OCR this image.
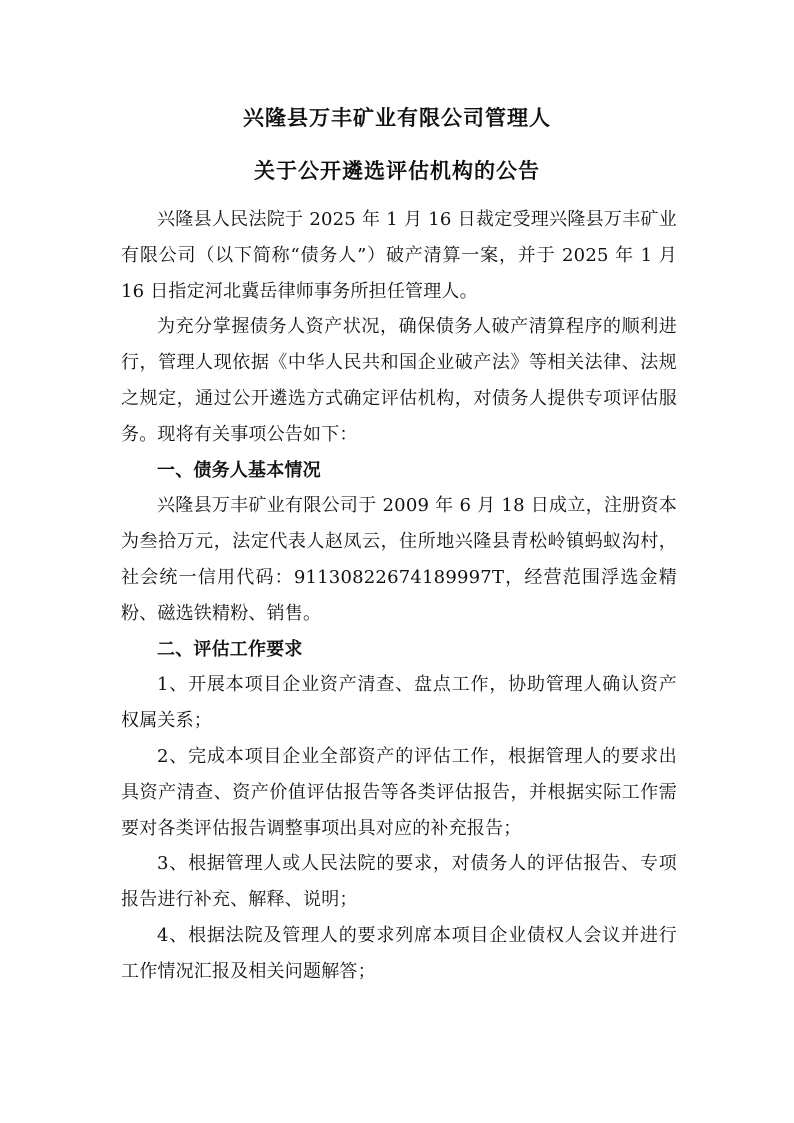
兴隆县万丰矿业有限公司管理人
关于公开遴选评估机构的公告

兴隆县人民法院于 2025 年 1 月 16 日裁定受理兴隆县万丰矿业有限公司（以下简称“债务人”）破产清算一案，并于 2025 年 1 月 16 日指定河北冀岳律师事务所担任管理人。

为充分掌握债务人资产状况，确保债务人破产清算程序的顺利进行，管理人现依据《中华人民共和国企业破产法》等相关法律、法规之规定，通过公开遴选方式确定评估机构，对债务人提供专项评估服务。现将有关事项公告如下：

一、债务人基本情况

兴隆县万丰矿业有限公司于 2009 年 6 月 18 日成立，注册资本为叁拾万元，法定代表人赵凤云，住所地兴隆县青松岭镇蚂蚁沟村，社会统一信用代码：91130822674189997T，经营范围浮选金精粉、磁选铁精粉、销售。

二、评估工作要求

1、开展本项目企业资产清查、盘点工作，协助管理人确认资产权属关系；

2、完成本项目企业全部资产的评估工作，根据管理人的要求出具资产清查、资产价值评估报告等各类评估报告，并根据实际工作需要对各类评估报告调整事项出具对应的补充报告；

3、根据管理人或人民法院的要求，对债务人的评估报告、专项报告进行补充、解释、说明；

4、根据法院及管理人的要求列席本项目企业债权人会议并进行工作情况汇报及相关问题解答；
